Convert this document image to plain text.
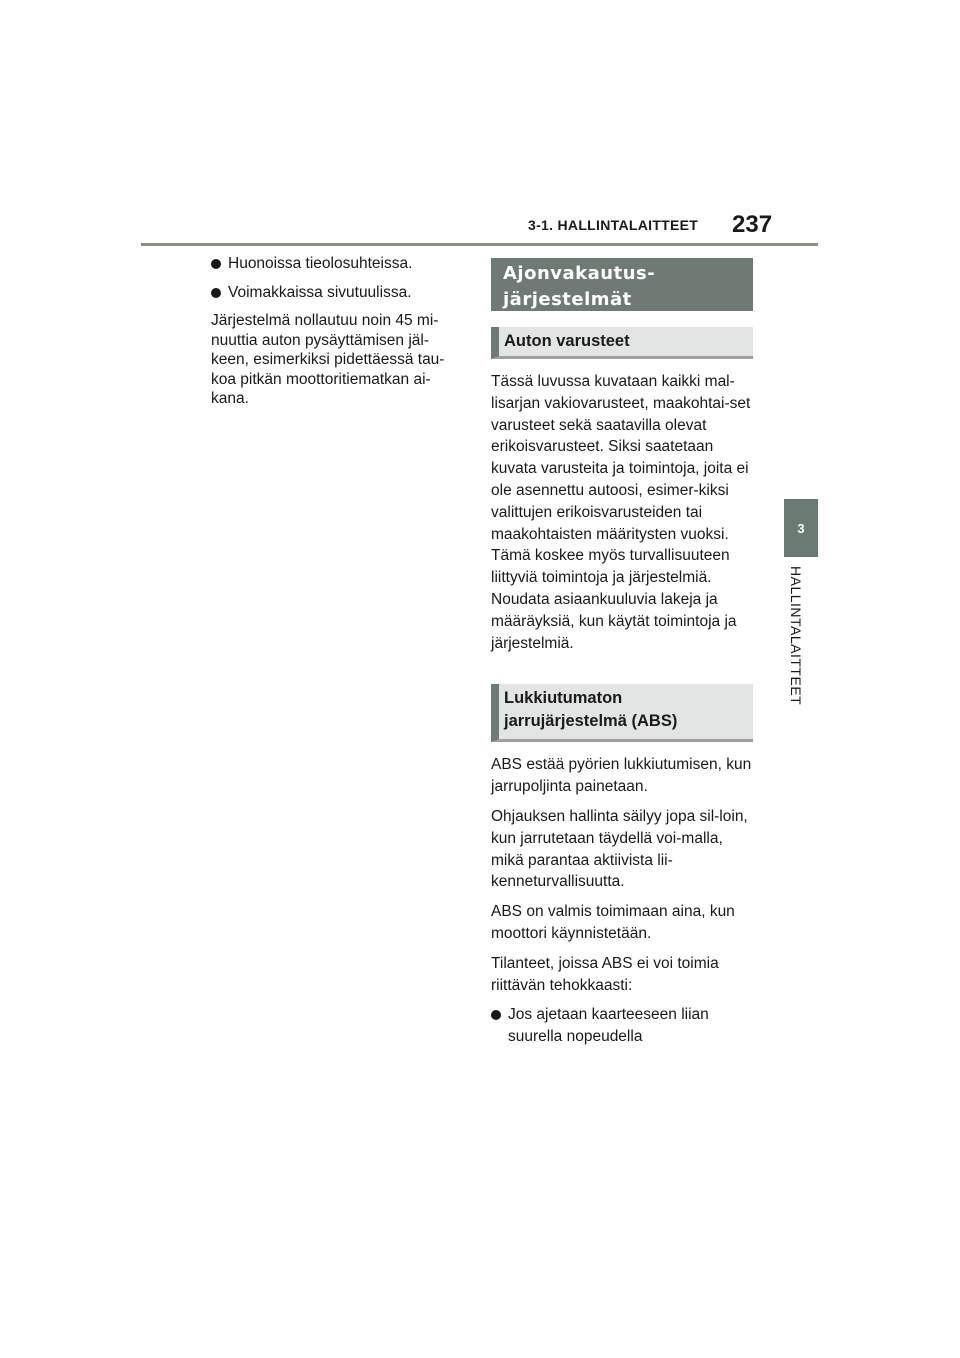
3-1. HALLINTALAITTEET 237
3
HALLINTALAITTEET
Huonoissa tieolosuhteissa.
Voimakkaissa sivutuulissa.

Järjestelmä nollautuu noin 45 mi-nuuttia auton pysäyttämisen jäl-keen, esimerkiksi pidettäessä tau-koa pitkän moottoritiematkan ai-kana.

Ajonvakautus-järjestelmät
Auton varusteet

Tässä luvussa kuvataan kaikki mal-lisarjan vakiovarusteet, maakohtai-set varusteet sekä saatavilla olevat erikoisvarusteet. Siksi saatetaan kuvata varusteita ja toimintoja, joita ei ole asennettu autoosi, esimer-kiksi valittujen erikoisvarusteiden tai maakohtaisten määritysten vuoksi. Tämä koskee myös turvallisuuteen liittyviä toimintoja ja järjestelmiä. Noudata asiaankuuluvia lakeja ja määräyksiä, kun käytät toimintoja ja järjestelmiä.

Lukkiutumaton jarrujärjestelmä (ABS)

ABS estää pyörien lukkiutumisen, kun jarrupoljinta painetaan.

Ohjauksen hallinta säilyy jopa sil-loin, kun jarrutetaan täydellä voi-malla, mikä parantaa aktiivista lii-kenneturvallisuutta.

ABS on valmis toimimaan aina, kun moottori käynnistetään.

Tilanteet, joissa ABS ei voi toimia riittävän tehokkaasti:

Jos ajetaan kaarteeseen liian suurella nopeudella
